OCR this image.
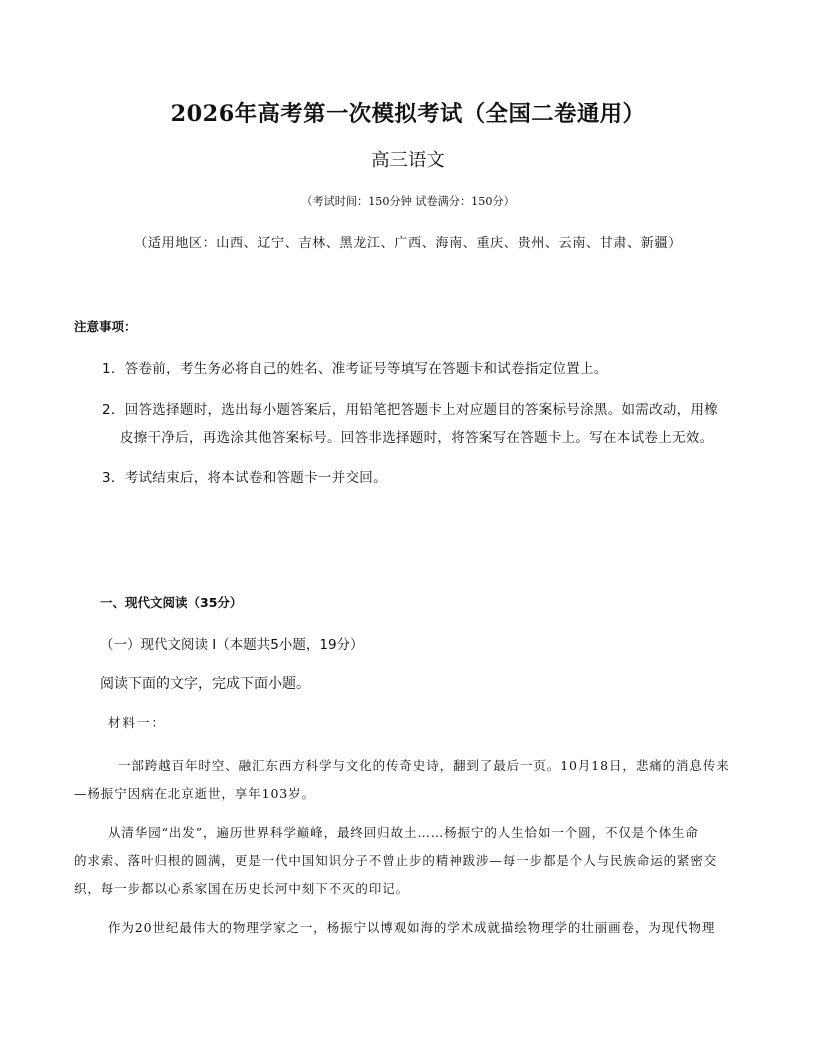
2026年高考第一次模拟考试（全国二卷通用）
高三语文
（考试时间：150分钟 试卷满分：150分）
（适用地区：山西、辽宁、吉林、黑龙江、广西、海南、重庆、贵州、云南、甘肃、新疆）
注意事项：
1．答卷前，考生务必将自己的姓名、准考证号等填写在答题卡和试卷指定位置上。
2．回答选择题时，选出每小题答案后，用铅笔把答题卡上对应题目的答案标号涂黑。如需改动，用橡
皮擦干净后，再选涂其他答案标号。回答非选择题时，将答案写在答题卡上。写在本试卷上无效。
3．考试结束后，将本试卷和答题卡一并交回。
一、现代文阅读（35分）
（一）现代文阅读 I（本题共5小题，19分）
阅读下面的文字，完成下面小题。
材料一：
一部跨越百年时空、融汇东西方科学与文化的传奇史诗，翻到了最后一页。10月18日，悲痛的消息传来
—杨振宁因病在北京逝世，享年103岁。
从清华园“出发”，遍历世界科学巅峰，最终回归故土……杨振宁的人生恰如一个圆，不仅是个体生命
的求索、落叶归根的圆满，更是一代中国知识分子不曾止步的精神跋涉—每一步都是个人与民族命运的紧密交
织，每一步都以心系家国在历史长河中刻下不灭的印记。
作为20世纪最伟大的物理学家之一，杨振宁以博观如海的学术成就描绘物理学的壮丽画卷，为现代物理
